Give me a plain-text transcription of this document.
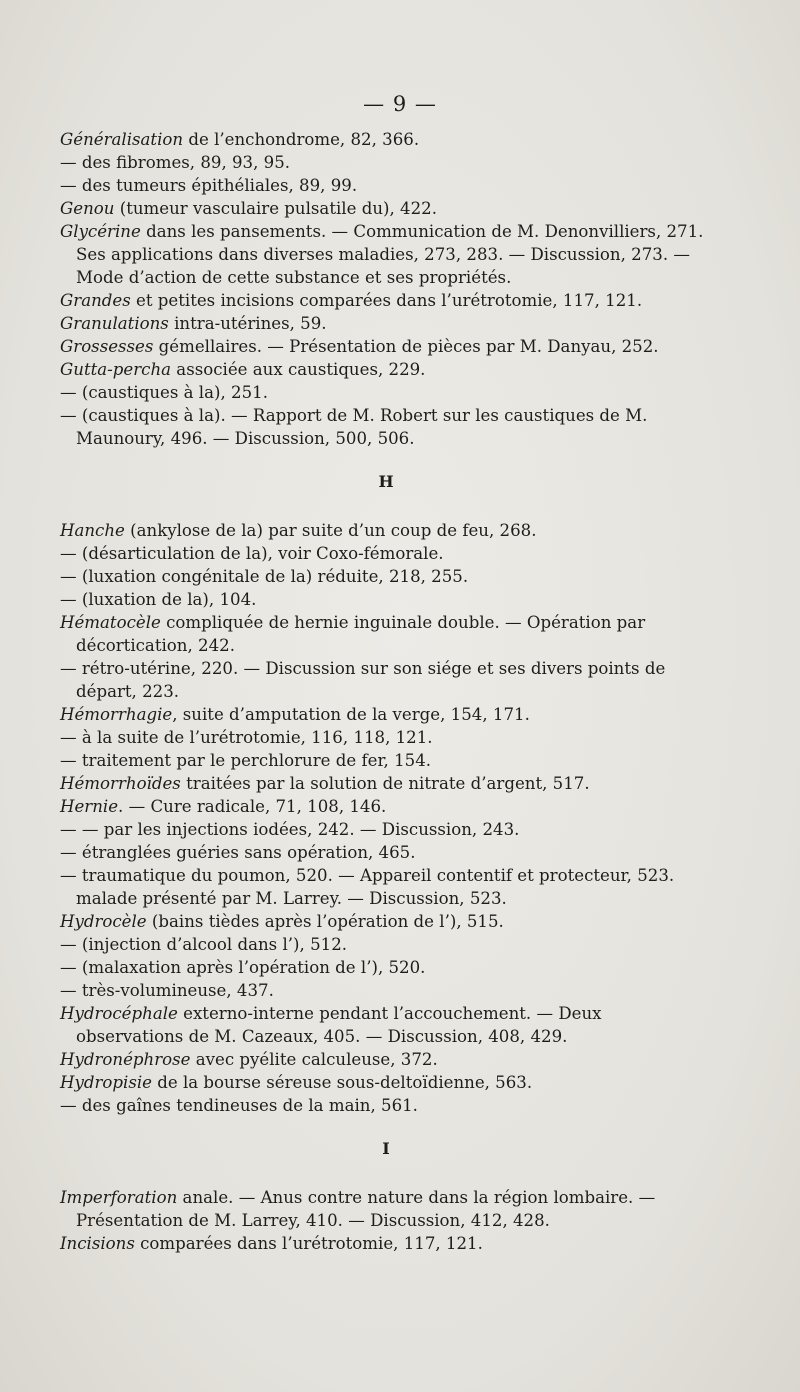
— 9 —

Généralisation de l’enchondrome, 82, 366.

— des fibromes, 89, 93, 95.

— des tumeurs épithéliales, 89, 99.

Genou (tumeur vasculaire pulsatile du), 422.

Glycérine dans les pansements. — Communication de M. Denonvilliers, 271. Ses applications dans diverses maladies, 273, 283. — Discussion, 273. — Mode d’action de cette substance et ses propriétés.

Grandes et petites incisions comparées dans l’urétrotomie, 117, 121.

Granulations intra-utérines, 59.

Grossesses gémellaires. — Présentation de pièces par M. Danyau, 252.

Gutta-percha associée aux caustiques, 229.

— (caustiques à la), 251.

— (caustiques à la). — Rapport de M. Robert sur les caustiques de M. Maunoury, 496. — Discussion, 500, 506.

H

Hanche (ankylose de la) par suite d’un coup de feu, 268.

— (désarticulation de la), voir Coxo-fémorale.

— (luxation congénitale de la) réduite, 218, 255.

— (luxation de la), 104.

Hématocèle compliquée de hernie inguinale double. — Opération par décortication, 242.

— rétro-utérine, 220. — Discussion sur son siége et ses divers points de départ, 223.

Hémorrhagie, suite d’amputation de la verge, 154, 171.

— à la suite de l’urétrotomie, 116, 118, 121.

— traitement par le perchlorure de fer, 154.

Hémorrhoïdes traitées par la solution de nitrate d’argent, 517.

Hernie. — Cure radicale, 71, 108, 146.

— — par les injections iodées, 242. — Discussion, 243.

— étranglées guéries sans opération, 465.

— traumatique du poumon, 520. — Appareil contentif et protecteur, 523. malade présenté par M. Larrey. — Discussion, 523.

Hydrocèle (bains tièdes après l’opération de l’), 515.

— (injection d’alcool dans l’), 512.

— (malaxation après l’opération de l’), 520.

— très-volumineuse, 437.

Hydrocéphale externo-interne pendant l’accouchement. — Deux observations de M. Cazeaux, 405. — Discussion, 408, 429.

Hydronéphrose avec pyélite calculeuse, 372.

Hydropisie de la bourse séreuse sous-deltoïdienne, 563.

— des gaînes tendineuses de la main, 561.

I

Imperforation anale. — Anus contre nature dans la région lombaire. — Présentation de M. Larrey, 410. — Discussion, 412, 428.

Incisions comparées dans l’urétrotomie, 117, 121.
